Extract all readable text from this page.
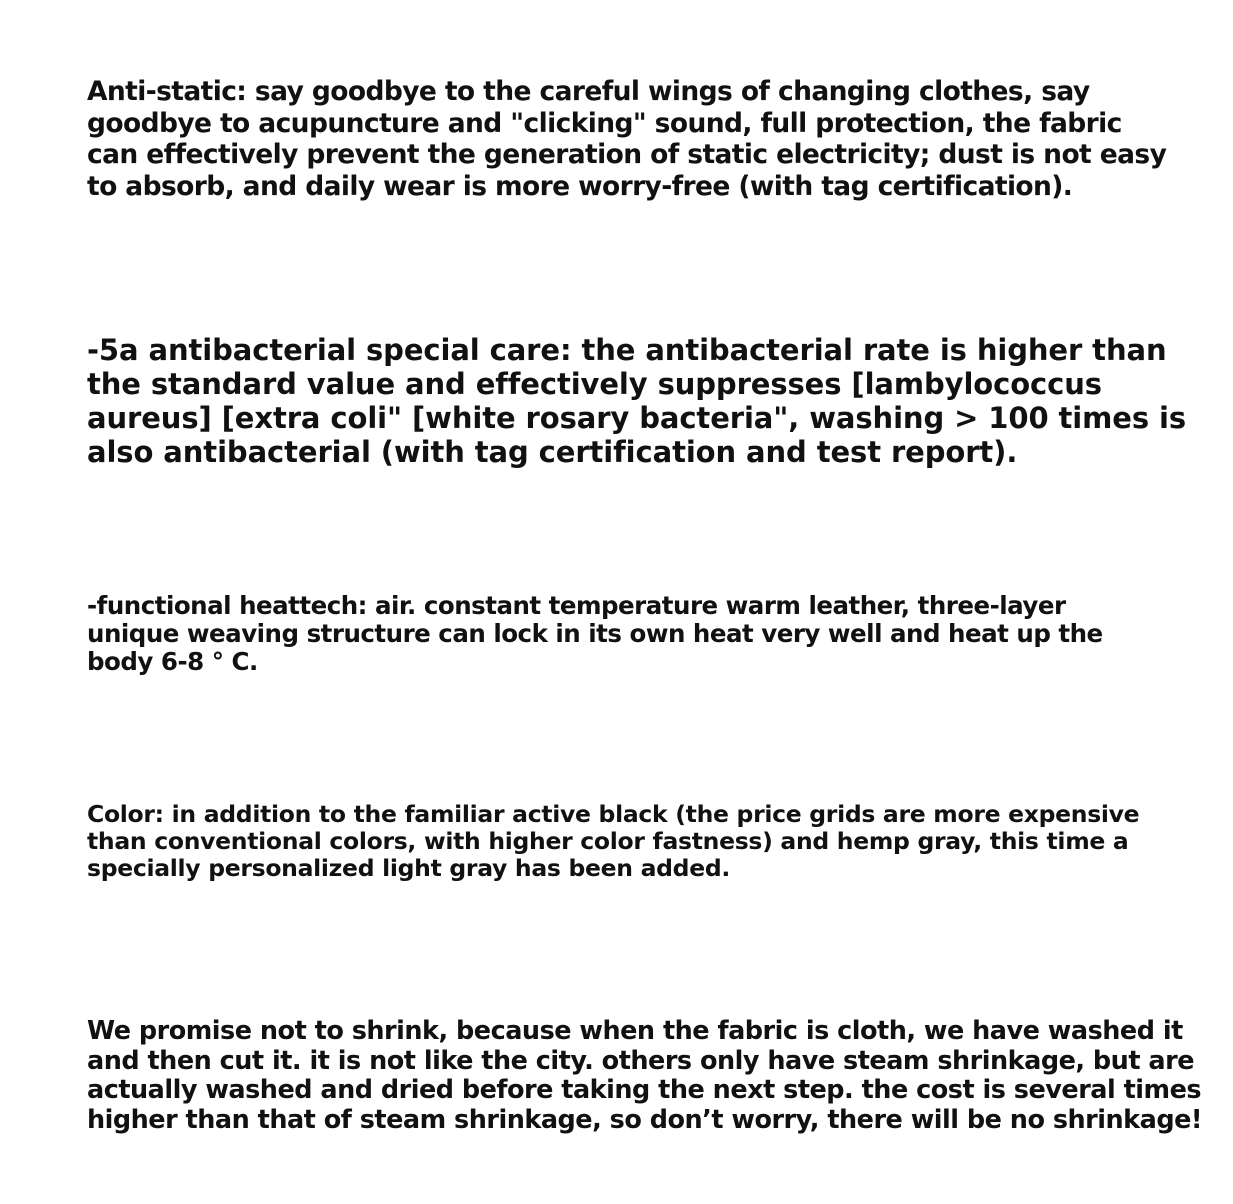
Anti-static: say goodbye to the careful wings of changing clothes, say
goodbye to acupuncture and "clicking" sound, full protection, the fabric
can effectively prevent the generation of static electricity; dust is not easy
to absorb, and daily wear is more worry-free (with tag certification).

-5a antibacterial special care: the antibacterial rate is higher than
the standard value and effectively suppresses [lambylococcus
aureus] [extra coli" [white rosary bacteria", washing > 100 times is
also antibacterial (with tag certification and test report).

-functional heattech: air. constant temperature warm leather, three-layer
unique weaving structure can lock in its own heat very well and heat up the
body 6-8 ° C.

Color: in addition to the familiar active black (the price grids are more expensive
than conventional colors, with higher color fastness) and hemp gray, this time a
specially personalized light gray has been added.

We promise not to shrink, because when the fabric is cloth, we have washed it
and then cut it. it is not like the city. others only have steam shrinkage, but are
actually washed and dried before taking the next step. the cost is several times
higher than that of steam shrinkage, so don’t worry, there will be no shrinkage!
